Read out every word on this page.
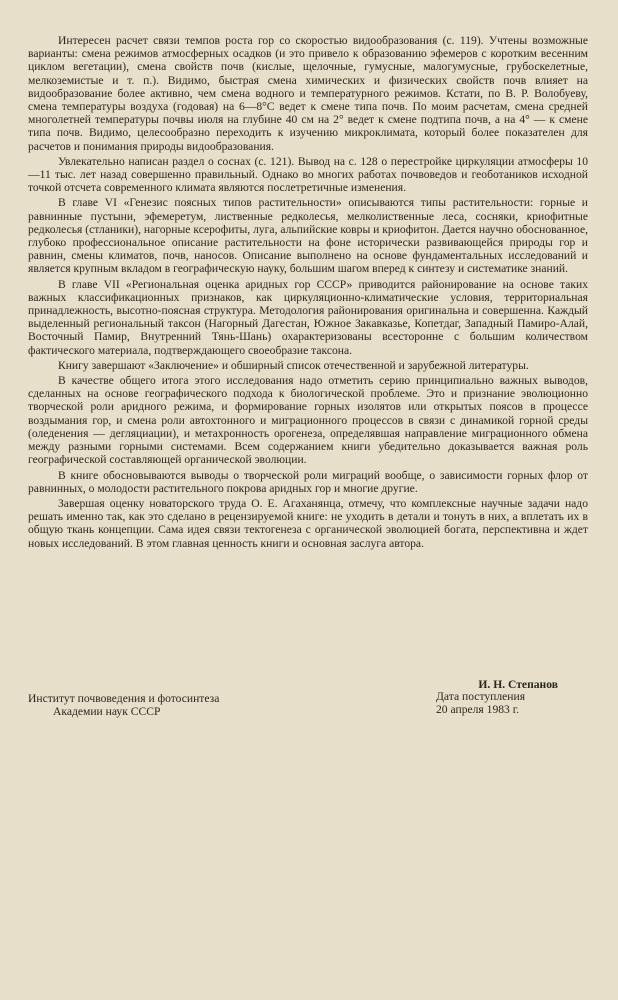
Интересен расчет связи темпов роста гор со скоростью видообразования (с. 119). Учтены возможные варианты: смена режимов атмосферных осадков (и это привело к образованию эфемеров с коротким весенним циклом вегетации), смена свойств почв (кислые, щелочные, гумусные, малогумусные, грубоскелетные, мелкоземистые и т. п.). Видимо, быстрая смена химических и физических свойств почв влияет на видообразование более активно, чем смена водного и температурного режимов. Кстати, по В. Р. Волобуеву, смена температуры воздуха (годовая) на 6—8°С ведет к смене типа почв. По моим расчетам, смена средней многолетней температуры почвы июля на глубине 40 см на 2° ведет к смене подтипа почв, а на 4° — к смене типа почв. Видимо, целесообразно переходить к изучению микроклимата, который более показателен для расчетов и понимания природы видообразования.

Увлекательно написан раздел о соснах (с. 121). Вывод на с. 128 о перестройке циркуляции атмосферы 10—11 тыс. лет назад совершенно правильный. Однако во многих работах почвоведов и геоботаников исходной точкой отсчета современного климата являются послетретичные изменения.

В главе VI «Генезис поясных типов растительности» описываются типы растительности: горные и равнинные пустыни, эфемеретум, лиственные редколесья, мелколиственные леса, сосняки, криофитные редколесья (стланики), нагорные ксерофиты, луга, альпийские ковры и криофитон. Дается научно обоснованное, глубоко профессиональное описание растительности на фоне исторически развивающейся природы гор и равнин, смены климатов, почв, наносов. Описание выполнено на основе фундаментальных исследований и является крупным вкладом в географическую науку, большим шагом вперед к синтезу и систематике знаний.

В главе VII «Региональная оценка аридных гор СССР» приводится районирование на основе таких важных классификационных признаков, как циркуляционно-климатические условия, территориальная принадлежность, высотно-поясная структура. Методология районирования оригинальна и совершенна. Каждый выделенный региональный таксон (Нагорный Дагестан, Южное Закавказье, Копетдаг, Западный Памиро-Алай, Восточный Памир, Внутренний Тянь-Шань) охарактеризованы всесторонне с большим количеством фактического материала, подтверждающего своеобразие таксона.

Книгу завершают «Заключение» и обширный список отечественной и зарубежной литературы.

В качестве общего итога этого исследования надо отметить серию принципиально важных выводов, сделанных на основе географического подхода к биологической проблеме. Это и признание эволюционно творческой роли аридного режима, и формирование горных изолятов или открытых поясов в процессе воздымания гор, и смена роли автохтонного и миграционного процессов в связи с динамикой горной среды (оледенения — дегляциации), и метахронность орогенеза, определявшая направление миграционного обмена между разными горными системами. Всем содержанием книги убедительно доказывается важная роль географической составляющей органической эволюции.

В книге обосновываются выводы о творческой роли миграций вообще, о зависимости горных флор от равнинных, о молодости растительного покрова аридных гор и многие другие.

Завершая оценку новаторского труда О. Е. Агаханянца, отмечу, что комплексные научные задачи надо решать именно так, как это сделано в рецензируемой книге: не уходить в детали и тонуть в них, а вплетать их в общую ткань концепции. Сама идея связи тектогенеза с органической эволюцией богата, перспективна и ждет новых исследований. В этом главная ценность книги и основная заслуга автора.

И. Н. Степанов
Институт почвоведения и фотосинтеза
Академии наук СССР
Дата поступления
20 апреля 1983 г.
